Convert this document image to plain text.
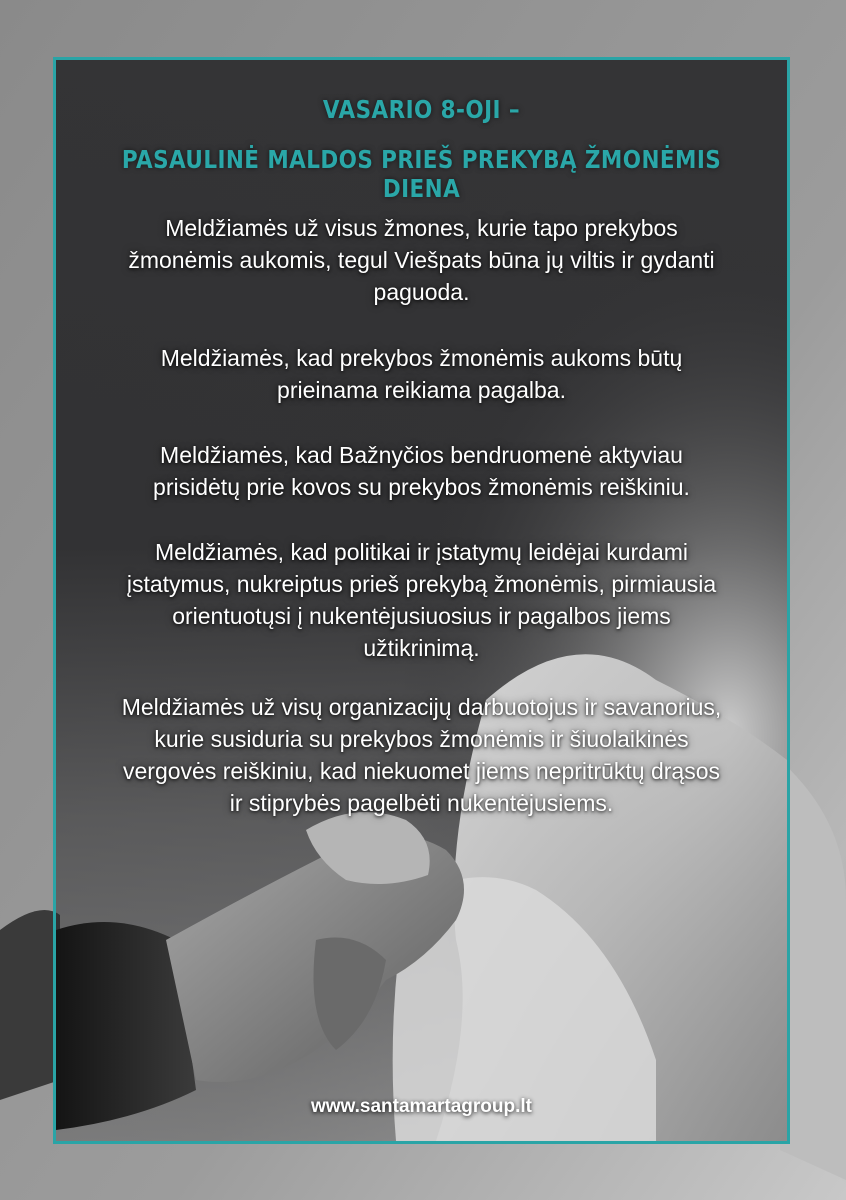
VASARIO 8-OJI –
PASAULINĖ MALDOS PRIEŠ PREKYBĄ ŽMONĖMIS DIENA
Meldžiamės už visus žmones, kurie tapo prekybos
žmonėmis aukomis, tegul Viešpats būna jų viltis ir gydanti
paguoda.
Meldžiamės, kad prekybos žmonėmis aukoms būtų
prieinama reikiama pagalba.
Meldžiamės, kad Bažnyčios bendruomenė aktyviau
prisidėtų prie kovos su prekybos žmonėmis reiškiniu.
Meldžiamės, kad politikai ir įstatymų leidėjai kurdami
įstatymus, nukreiptus prieš prekybą žmonėmis, pirmiausia
orientuotųsi į nukentėjusiuosius ir pagalbos jiems
užtikrinimą.
Meldžiamės už visų organizacijų darbuotojus ir savanorius,
kurie susiduria su prekybos žmonėmis ir šiuolaikinės
vergovės reiškiniu, kad niekuomet jiems nepritrūktų drąsos
ir stiprybės pagelbėti nukentėjusiems.
www.santamartagroup.lt
